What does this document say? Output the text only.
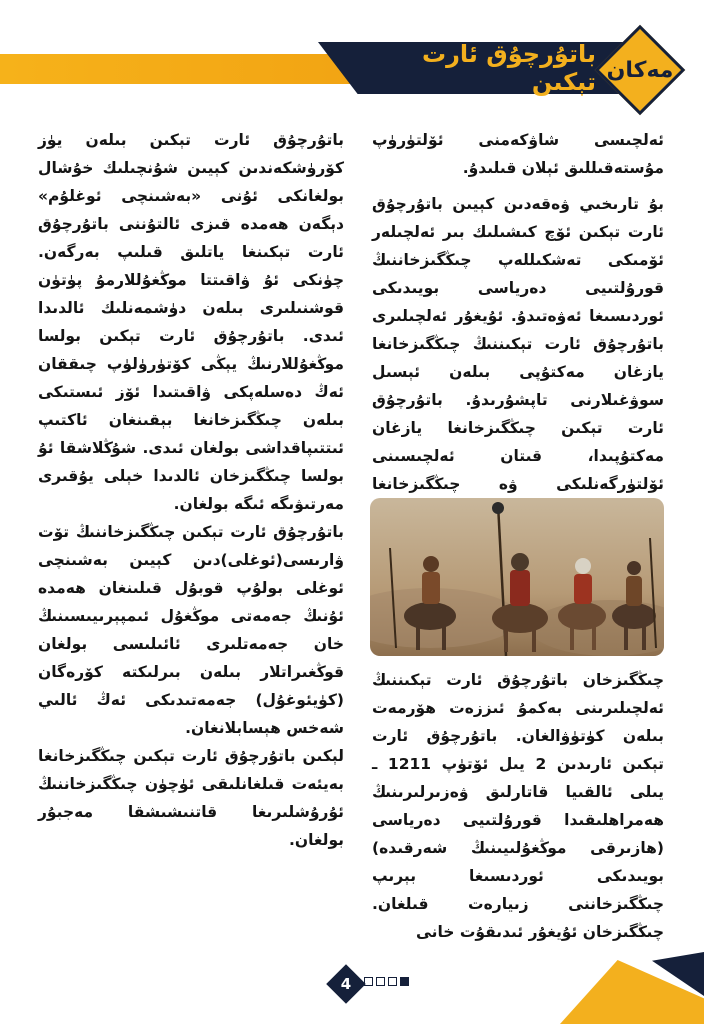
باتۇرچۇق ئارت تېكىن مەكان

باتۇرچۇق ئارت تېكىن بىلەن يۈز كۆرۈشكەندىن كېيىن شۇنچىلىك خۇشال بولغانكى ئۇنى «بەشىنچى ئوغلۇم» دېگەن ھەمدە قىزى ئالتۇننى باتۇرچۇق ئارت تېكىنغا ياتلىق قىلىپ بەرگەن. چۈنكى ئۇ ۋاقىتتا موڭغۇللارمۇ پۈتۈن قوشنىلىرى بىلەن دۈشمەنلىك ئالدىدا ئىدى. باتۇرچۇق ئارت تېكىن بولسا موڭغۇللارنىڭ يېڭى كۆتۈرۈلۈپ چىققان ئەڭ دەسلەپكى ۋاقىتىدا ئۆز ئىستىكى بىلەن چىڭگىزخانغا بېقىنغان ئاكتىپ ئىتتىپاقداشى بولغان ئىدى. شۇڭلاشقا ئۇ بولسا چىڭگىزخان ئالدىدا خېلى يۇقىرى مەرتىۋىگە ئىگە بولغان.

باتۇرچۇق ئارت تېكىن چىڭگىزخاننىڭ تۆت ۋارىسى(ئوغلى)دىن كېيىن بەشىنچى ئوغلى بولۇپ قوبۇل قىلىنغان ھەمدە ئۇنىڭ جەمەتى موڭغۇل ئىمپېرىيىسىنىڭ خان جەمەتلىرى ئائىلىسى بولغان قوڭغىراتلار بىلەن بىرلىكتە كۆرەگان (كۈيئوغۇل) جەمەتىدىكى ئەڭ ئالىي شەخس ھېسابلانغان.

لېكىن باتۇرچۇق ئارت تېكىن چىڭگىزخانغا بەيئەت قىلغانلىقى ئۈچۈن چىڭگىزخاننىڭ ئۇرۇشلىرىغا قاتنىشىشقا مەجبۇر بولغان.

ئەلچىسى شاۋكەمنى ئۆلتۈرۈپ مۇستەقىللىق ئېلان قىلىدۇ.

بۇ تارىخىي ۋەقەدىن كېيىن باتۇرچۇق ئارت تېكىن ئۆچ كىشىلىك بىر ئەلچىلەر ئۆمىكى تەشكىللەپ چىڭگىزخاننىڭ قورۇلتىيى دەرياسى بويىدىكى ئوردىسىغا ئەۋەتىدۇ. ئۇيغۇر ئەلچىلىرى باتۇرچۇق ئارت تېكىننىڭ چىڭگىزخانغا يازغان مەكتۇپى بىلەن ئېسىل سوۋغىلارنى تاپشۇرىدۇ. باتۇرچۇق ئارت تېكىن چىڭگىزخانغا يازغان مەكتۇپىدا، قىتان ئەلچىسىنى ئۆلتۈرگەنلىكى ۋە چىڭگىزخانغا

چىڭگىزخان باتۇرچۇق ئارت تېكىننىڭ ئەلچىلىرىنى بەكمۇ ئىززەت ھۆرمەت بىلەن كۈتۈۋالغان. باتۇرچۇق ئارت تېكىن ئارىدىن 2 يىل ئۆتۈپ 1211 ـ يىلى ئالقىيا قاتارلىق ۋەزىرلىرىنىڭ ھەمراھلىقىدا قورۇلتىيى دەرياسى (ھازىرقى موڭغۇلىيىنىڭ شەرقىدە) بويىدىكى ئوردىسىغا بېرىپ چىڭگىزخاننى زىيارەت قىلغان. چىڭگىزخان ئۇيغۇر ئىدىقۇت خانى

4
